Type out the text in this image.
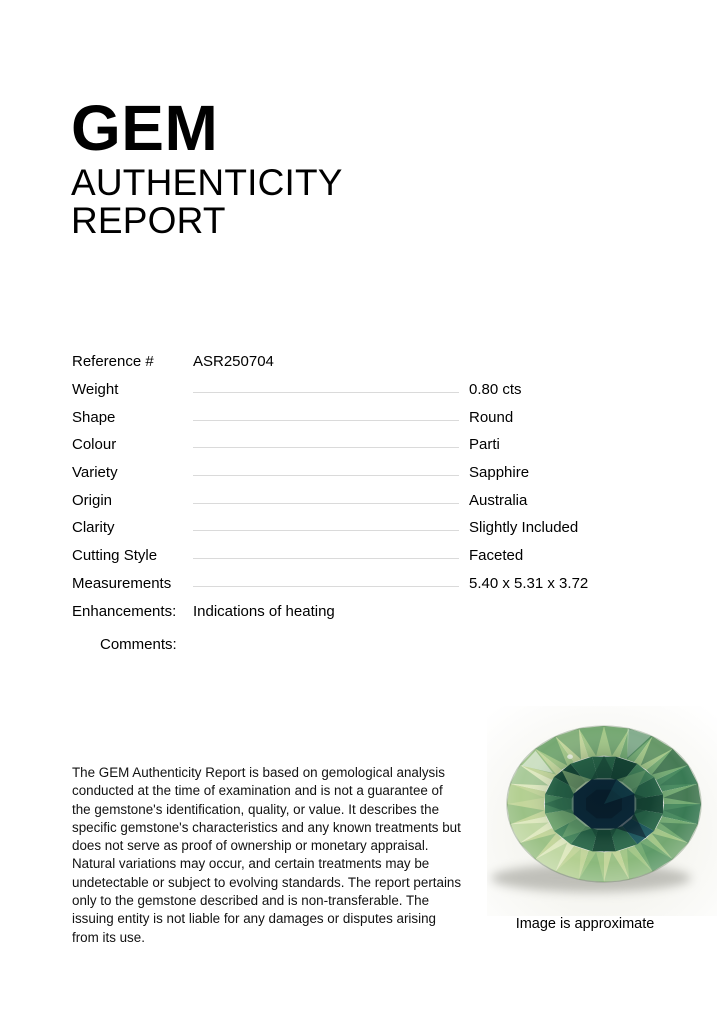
GEM
AUTHENTICITY REPORT
Reference #	ASR250704
Weight	0.80 cts
Shape	Round
Colour	Parti
Variety	Sapphire
Origin	Australia
Clarity	Slightly Included
Cutting Style	Faceted
Measurements	5.40 x 5.31 x 3.72
Enhancements:	Indications of heating
Comments:
The GEM Authenticity Report is based on gemological analysis conducted at the time of examination and is not a guarantee of the gemstone's identification, quality, or value. It describes the specific gemstone's characteristics and any known treatments but does not serve as proof of ownership or monetary appraisal. Natural variations may occur, and certain treatments may be undetectable or subject to evolving standards. The report pertains only to the gemstone described and is non-transferable. The issuing entity is not liable for any damages or disputes arising from its use.
Image is approximate
